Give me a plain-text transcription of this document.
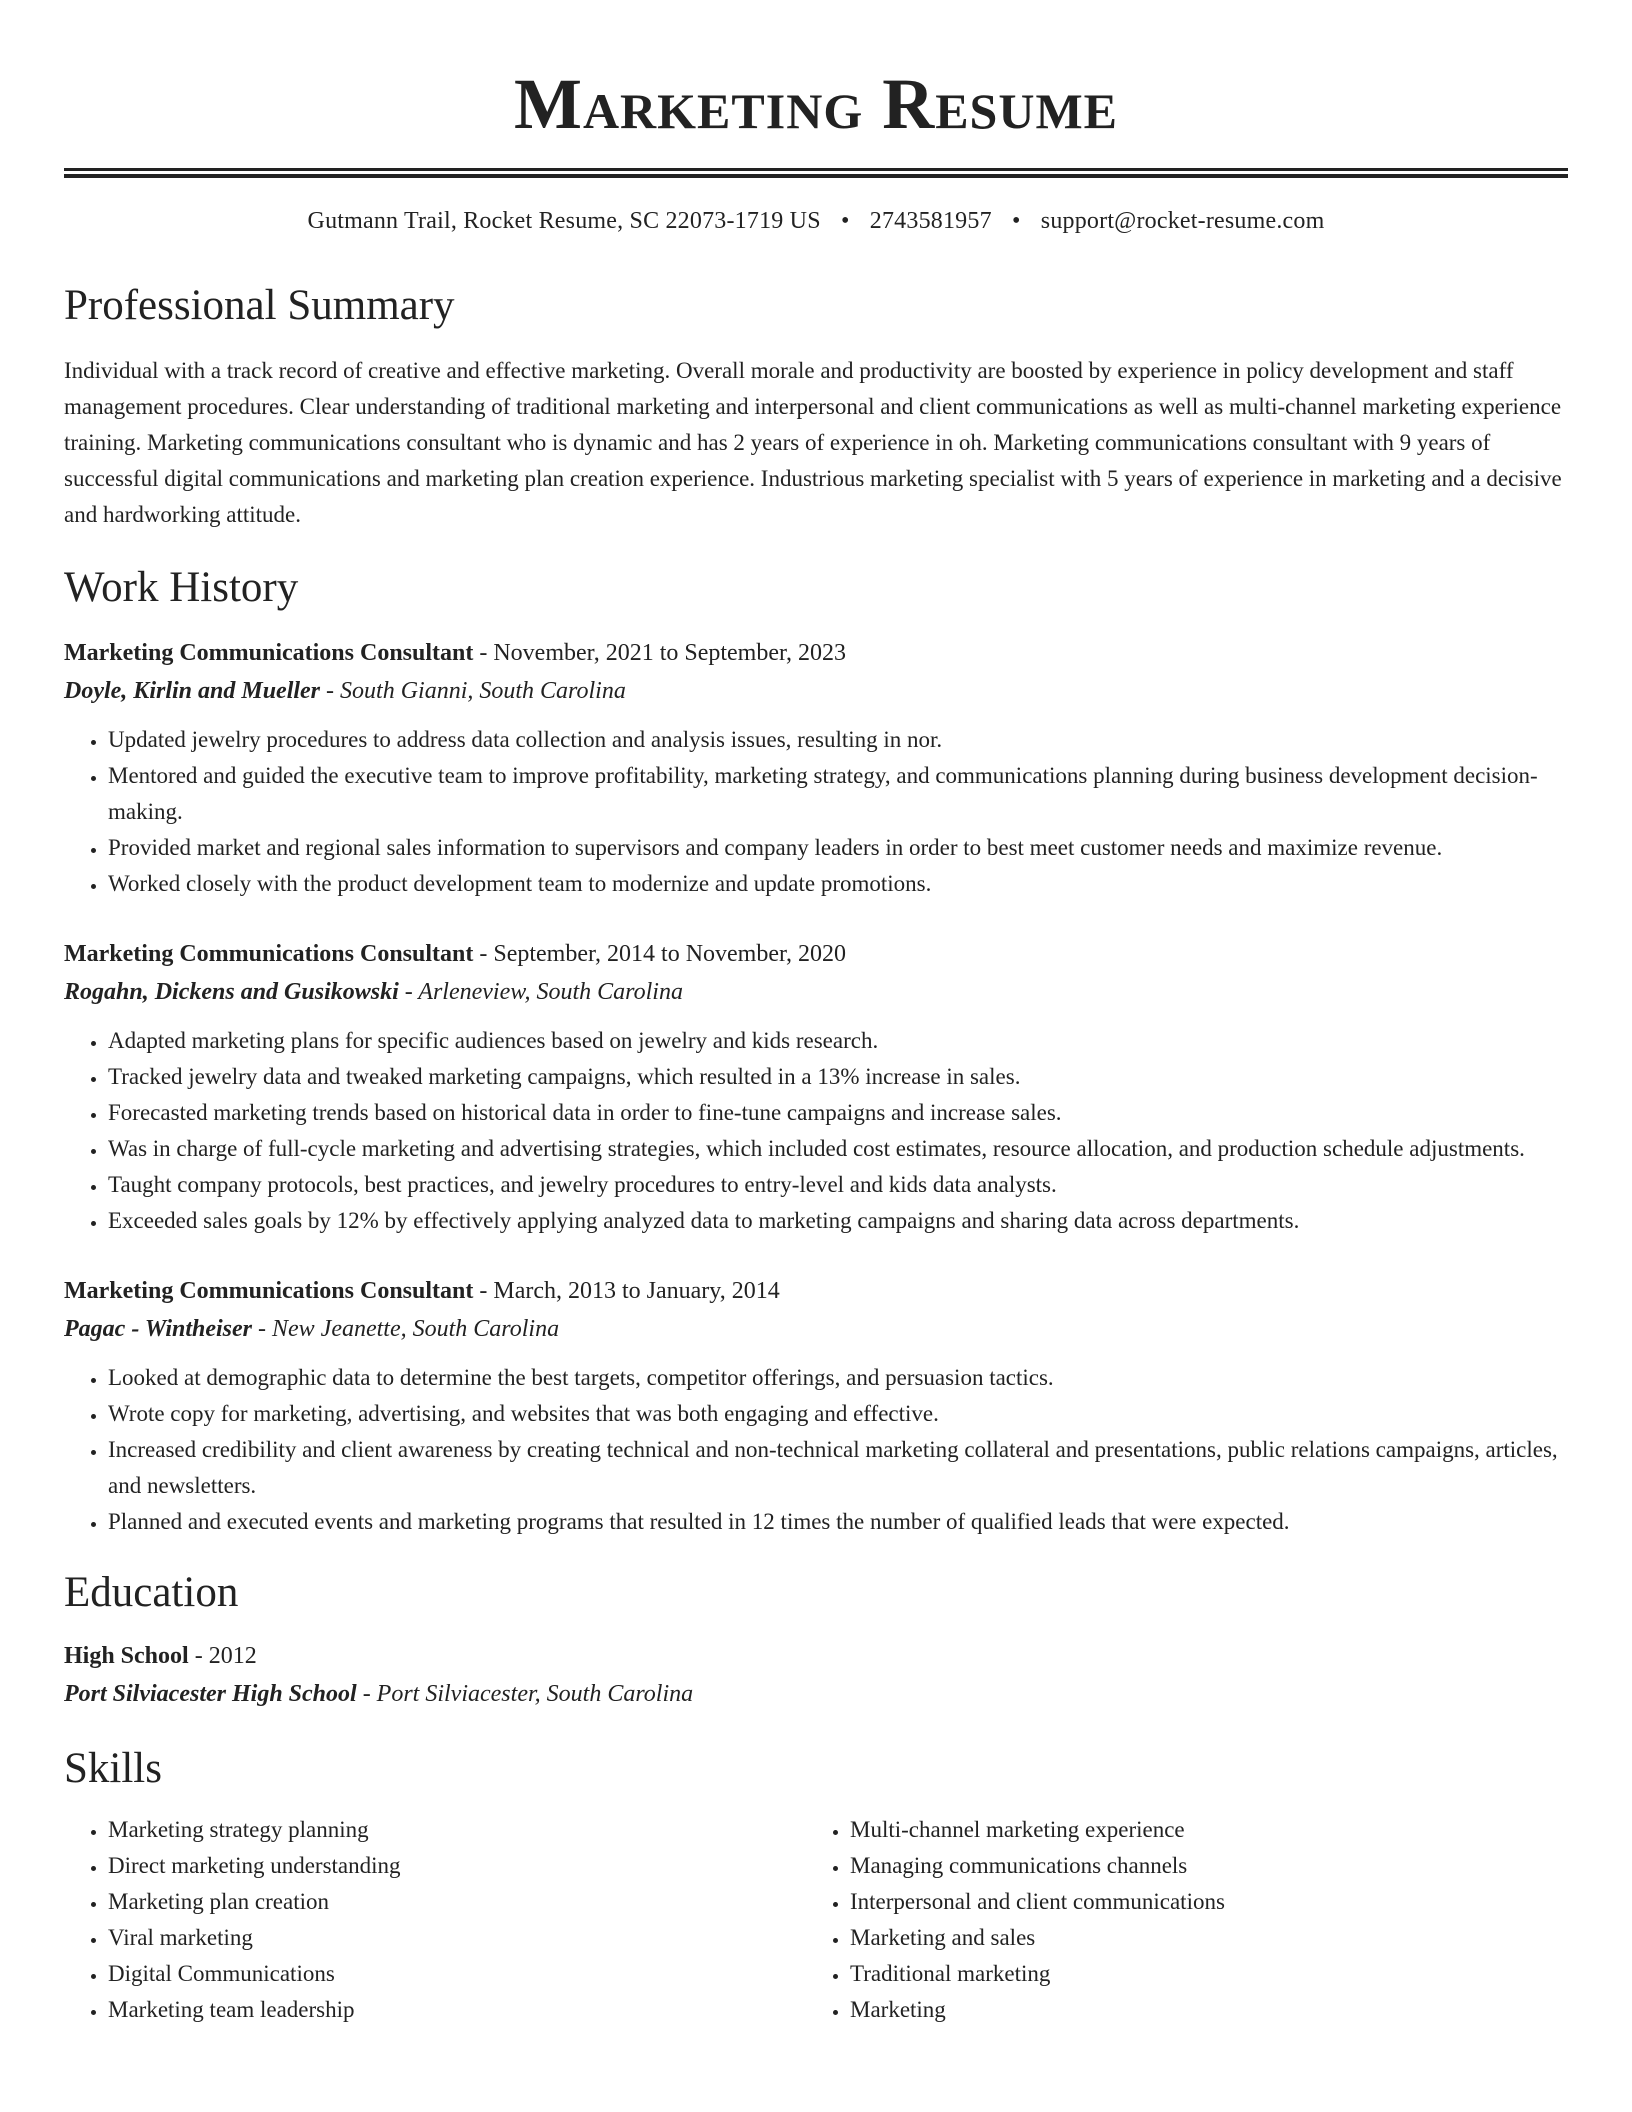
Marketing Resume
Gutmann Trail, Rocket Resume, SC 22073-1719 US • 2743581957 • support@rocket-resume.com
Professional Summary

Individual with a track record of creative and effective marketing. Overall morale and productivity are boosted by experience in policy development and staff management procedures. Clear understanding of traditional marketing and interpersonal and client communications as well as multi-channel marketing experience training. Marketing communications consultant who is dynamic and has 2 years of experience in oh. Marketing communications consultant with 9 years of successful digital communications and marketing plan creation experience. Industrious marketing specialist with 5 years of experience in marketing and a decisive and hardworking attitude.

Work History
Marketing Communications Consultant - November, 2021 to September, 2023
Doyle, Kirlin and Mueller - South Gianni, South Carolina
• Updated jewelry procedures to address data collection and analysis issues, resulting in nor.
• Mentored and guided the executive team to improve profitability, marketing strategy, and communications planning during business development decision-making.
• Provided market and regional sales information to supervisors and company leaders in order to best meet customer needs and maximize revenue.
• Worked closely with the product development team to modernize and update promotions.
Marketing Communications Consultant - September, 2014 to November, 2020
Rogahn, Dickens and Gusikowski - Arleneview, South Carolina
• Adapted marketing plans for specific audiences based on jewelry and kids research.
• Tracked jewelry data and tweaked marketing campaigns, which resulted in a 13% increase in sales.
• Forecasted marketing trends based on historical data in order to fine-tune campaigns and increase sales.
• Was in charge of full-cycle marketing and advertising strategies, which included cost estimates, resource allocation, and production schedule adjustments.
• Taught company protocols, best practices, and jewelry procedures to entry-level and kids data analysts.
• Exceeded sales goals by 12% by effectively applying analyzed data to marketing campaigns and sharing data across departments.
Marketing Communications Consultant - March, 2013 to January, 2014
Pagac - Wintheiser - New Jeanette, South Carolina
• Looked at demographic data to determine the best targets, competitor offerings, and persuasion tactics.
• Wrote copy for marketing, advertising, and websites that was both engaging and effective.
• Increased credibility and client awareness by creating technical and non-technical marketing collateral and presentations, public relations campaigns, articles, and newsletters.
• Planned and executed events and marketing programs that resulted in 12 times the number of qualified leads that were expected.
Education
High School - 2012
Port Silviacester High School - Port Silviacester, South Carolina
Skills
• Marketing strategy planning
• Direct marketing understanding
• Marketing plan creation
• Viral marketing
• Digital Communications
• Marketing team leadership
• Multi-channel marketing experience
• Managing communications channels
• Interpersonal and client communications
• Marketing and sales
• Traditional marketing
• Marketing
